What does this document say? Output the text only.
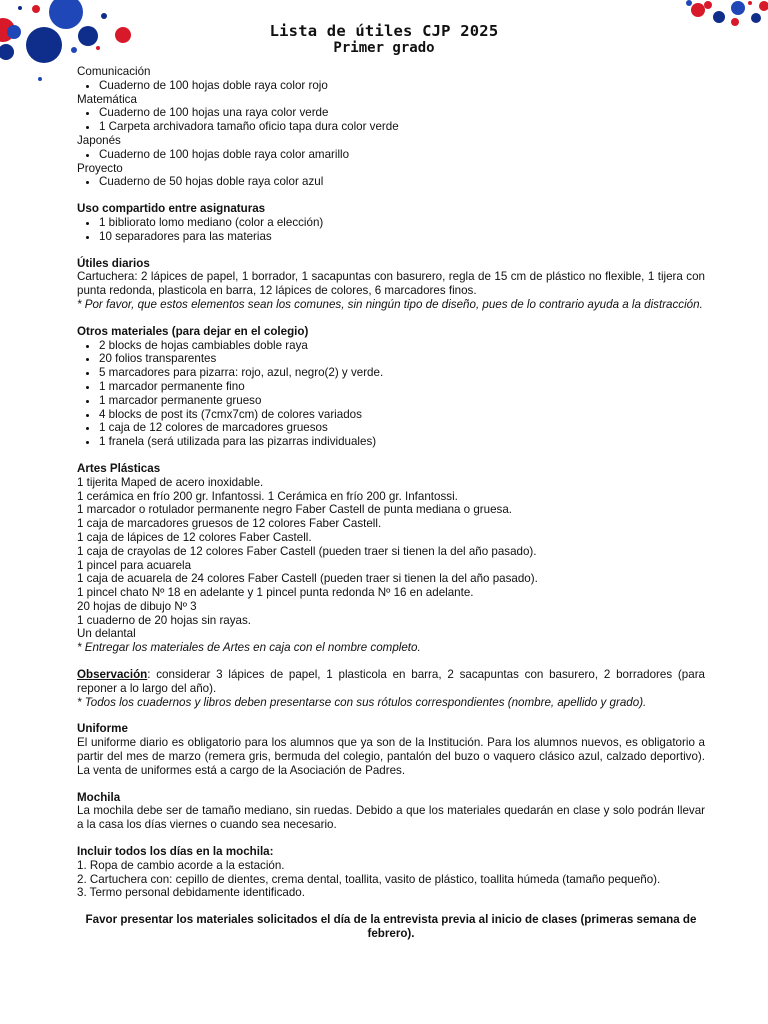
Lista de útiles CJP 2025
Primer grado
Comunicación
• Cuaderno de 100 hojas doble raya color rojo
Matemática
• Cuaderno de 100 hojas una raya color verde
• 1 Carpeta archivadora tamaño oficio tapa dura color verde
Japonés
• Cuaderno de 100 hojas doble raya color amarillo
Proyecto
• Cuaderno de 50 hojas doble raya color azul
Uso compartido entre asignaturas
• 1 bibliorato lomo mediano (color a elección)
• 10 separadores para las materias
Útiles diarios

Cartuchera: 2 lápices de papel, 1 borrador, 1 sacapuntas con basurero, regla de 15 cm de plástico no flexible, 1 tijera con punta redonda, plasticola en barra, 12 lápices de colores, 6 marcadores finos.

* Por favor, que estos elementos sean los comunes, sin ningún tipo de diseño, pues de lo contrario ayuda a la distracción.

Otros materiales (para dejar en el colegio)
• 2 blocks de hojas cambiables doble raya
• 20 folios transparentes
• 5 marcadores para pizarra: rojo, azul, negro(2) y verde.
• 1 marcador permanente fino
• 1 marcador permanente grueso
• 4 blocks de post its (7cmx7cm) de colores variados
• 1 caja de 12 colores de marcadores gruesos
• 1 franela (será utilizada para las pizarras individuales)
Artes Plásticas
1 tijerita Maped de acero inoxidable.
1 cerámica en frío 200 gr. Infantossi. 1 Cerámica en frío 200 gr. Infantossi.
1 marcador o rotulador permanente negro Faber Castell de punta mediana o gruesa.
1 caja de marcadores gruesos de 12 colores Faber Castell.
1 caja de lápices de 12 colores Faber Castell.
1 caja de crayolas de 12 colores Faber Castell (pueden traer si tienen la del año pasado).
1 pincel para acuarela
1 caja de acuarela de 24 colores Faber Castell (pueden traer si tienen la del año pasado).
1 pincel chato Nº 18 en adelante y 1 pincel punta redonda Nº 16 en adelante.
20 hojas de dibujo Nº 3
1 cuaderno de 20 hojas sin rayas.
Un delantal
* Entregar los materiales de Artes en caja con el nombre completo.

Observación: considerar 3 lápices de papel, 1 plasticola en barra, 2 sacapuntas con basurero, 2 borradores (para reponer a lo largo del año).

* Todos los cuadernos y libros deben presentarse con sus rótulos correspondientes (nombre, apellido y grado).

Uniforme

El uniforme diario es obligatorio para los alumnos que ya son de la Institución. Para los alumnos nuevos, es obligatorio a partir del mes de marzo (remera gris, bermuda del colegio, pantalón del buzo o vaquero clásico azul, calzado deportivo). La venta de uniformes está a cargo de la Asociación de Padres.

Mochila

La mochila debe ser de tamaño mediano, sin ruedas. Debido a que los materiales quedarán en clase y solo podrán llevar a la casa los días viernes o cuando sea necesario.

Incluir todos los días en la mochila:
1. Ropa de cambio acorde a la estación.

2. Cartuchera con: cepillo de dientes, crema dental, toallita, vasito de plástico, toallita húmeda (tamaño pequeño).

3. Termo personal debidamente identificado.

Favor presentar los materiales solicitados el día de la entrevista previa al inicio de clases (primeras semana de febrero).
